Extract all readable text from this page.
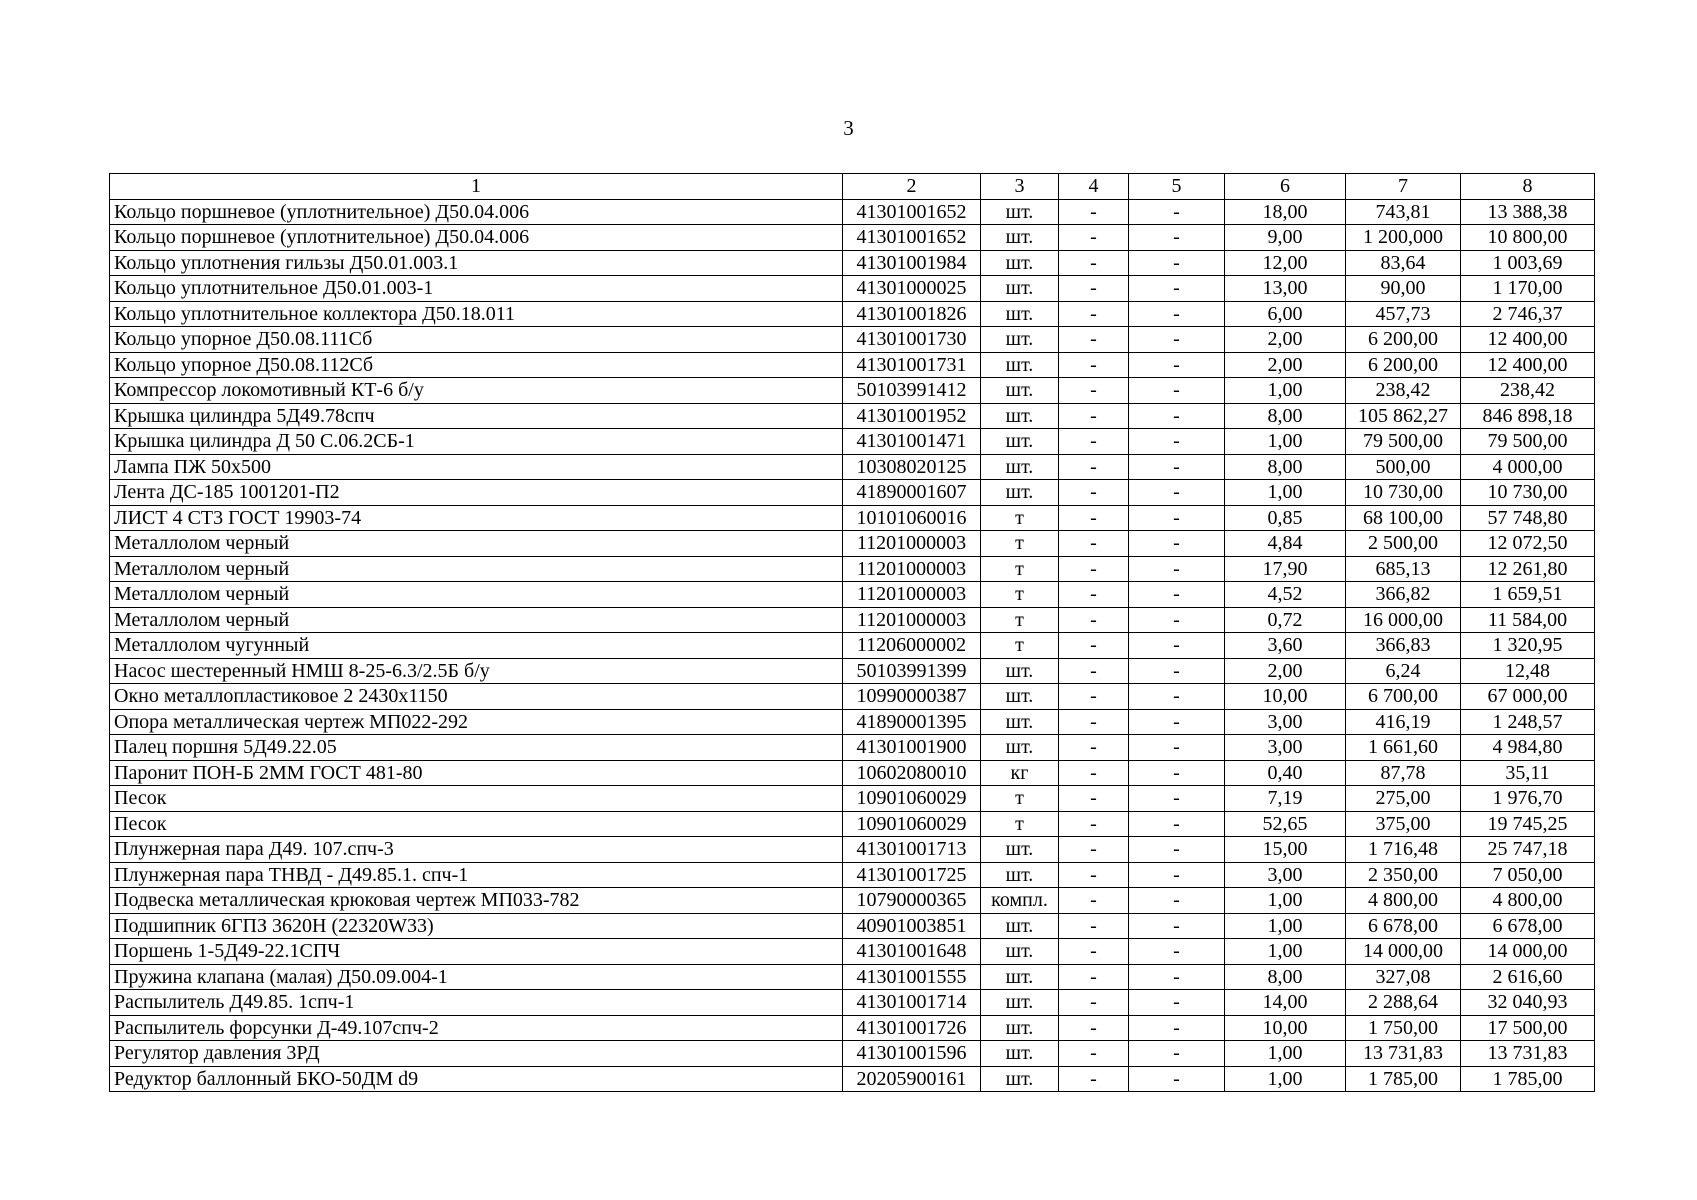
3
1	2	3	4	5	6	7	8
Кольцо поршневое (уплотнительное) Д50.04.006	41301001652	шт.	-	-	18,00	743,81	13 388,38
Кольцо поршневое (уплотнительное) Д50.04.006	41301001652	шт.	-	-	9,00	1 200,000	10 800,00
Кольцо уплотнения гильзы Д50.01.003.1	41301001984	шт.	-	-	12,00	83,64	1 003,69
Кольцо уплотнительное Д50.01.003-1	41301000025	шт.	-	-	13,00	90,00	1 170,00
Кольцо уплотнительное коллектора Д50.18.011	41301001826	шт.	-	-	6,00	457,73	2 746,37
Кольцо упорное Д50.08.111Сб	41301001730	шт.	-	-	2,00	6 200,00	12 400,00
Кольцо упорное Д50.08.112Сб	41301001731	шт.	-	-	2,00	6 200,00	12 400,00
Компрессор локомотивный КТ-6 б/у	50103991412	шт.	-	-	1,00	238,42	238,42
Крышка цилиндра 5Д49.78спч	41301001952	шт.	-	-	8,00	105 862,27	846 898,18
Крышка цилиндра Д 50 С.06.2СБ-1	41301001471	шт.	-	-	1,00	79 500,00	79 500,00
Лампа ПЖ 50х500	10308020125	шт.	-	-	8,00	500,00	4 000,00
Лента ДС-185 1001201-П2	41890001607	шт.	-	-	1,00	10 730,00	10 730,00
ЛИСТ 4 СТ3 ГОСТ 19903-74	10101060016	т	-	-	0,85	68 100,00	57 748,80
Металлолом черный	11201000003	т	-	-	4,84	2 500,00	12 072,50
Металлолом черный	11201000003	т	-	-	17,90	685,13	12 261,80
Металлолом черный	11201000003	т	-	-	4,52	366,82	1 659,51
Металлолом черный	11201000003	т	-	-	0,72	16 000,00	11 584,00
Металлолом чугунный	11206000002	т	-	-	3,60	366,83	1 320,95
Насос шестеренный НМШ 8-25-6.3/2.5Б б/у	50103991399	шт.	-	-	2,00	6,24	12,48
Окно металлопластиковое 2 2430х1150	10990000387	шт.	-	-	10,00	6 700,00	67 000,00
Опора металлическая чертеж МП022-292	41890001395	шт.	-	-	3,00	416,19	1 248,57
Палец поршня 5Д49.22.05	41301001900	шт.	-	-	3,00	1 661,60	4 984,80
Паронит ПОН-Б 2ММ ГОСТ 481-80	10602080010	кг	-	-	0,40	87,78	35,11
Песок	10901060029	т	-	-	7,19	275,00	1 976,70
Песок	10901060029	т	-	-	52,65	375,00	19 745,25
Плунжерная пара Д49. 107.спч-3	41301001713	шт.	-	-	15,00	1 716,48	25 747,18
Плунжерная пара ТНВД - Д49.85.1. спч-1	41301001725	шт.	-	-	3,00	2 350,00	7 050,00
Подвеска металлическая крюковая чертеж МП033-782	10790000365	компл.	-	-	1,00	4 800,00	4 800,00
Подшипник 6ГПЗ 3620Н (22320W33)	40901003851	шт.	-	-	1,00	6 678,00	6 678,00
Поршень 1-5Д49-22.1СПЧ	41301001648	шт.	-	-	1,00	14 000,00	14 000,00
Пружина клапана (малая) Д50.09.004-1	41301001555	шт.	-	-	8,00	327,08	2 616,60
Распылитель Д49.85. 1спч-1	41301001714	шт.	-	-	14,00	2 288,64	32 040,93
Распылитель форсунки Д-49.107спч-2	41301001726	шт.	-	-	10,00	1 750,00	17 500,00
Регулятор давления 3РД	41301001596	шт.	-	-	1,00	13 731,83	13 731,83
Редуктор баллонный БКО-50ДМ d9	20205900161	шт.	-	-	1,00	1 785,00	1 785,00
